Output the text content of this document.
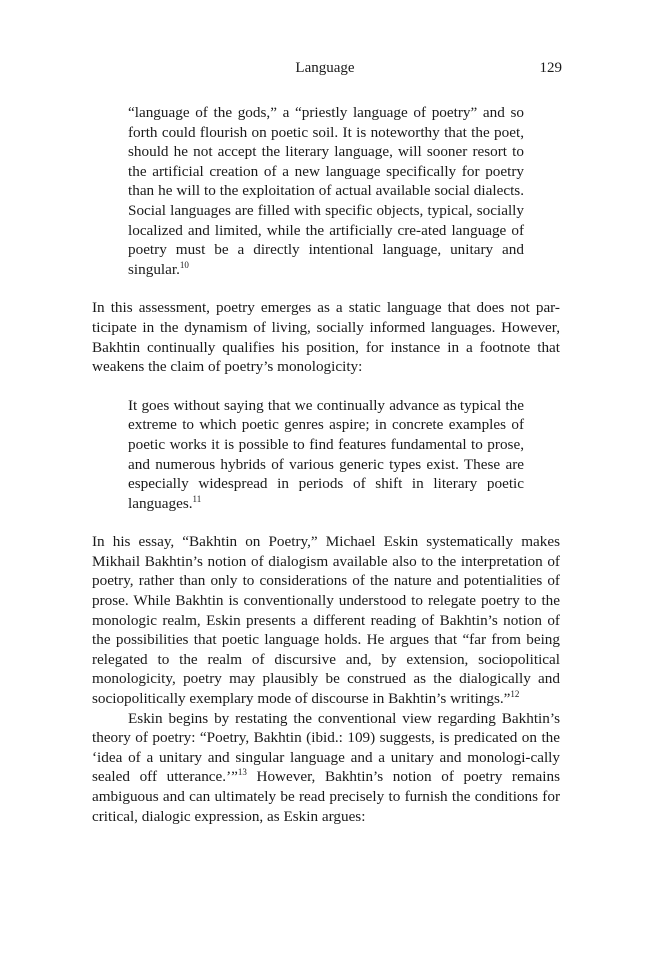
Language	129

“language of the gods,” a “priestly language of poetry” and so forth could flourish on poetic soil. It is noteworthy that the poet, should he not accept the literary language, will sooner resort to the artificial creation of a new language specifically for poetry than he will to the exploitation of actual available social dialects. Social languages are filled with specific objects, typical, socially localized and limited, while the artificially cre-ated language of poetry must be a directly intentional language, unitary and singular.$^{10}$

In this assessment, poetry emerges as a static language that does not par-ticipate in the dynamism of living, socially informed languages. However, Bakhtin continually qualifies his position, for instance in a footnote that weakens the claim of poetry’s monologicity:

It goes without saying that we continually advance as typical the extreme to which poetic genres aspire; in concrete examples of poetic works it is possible to find features fundamental to prose, and numerous hybrids of various generic types exist. These are especially widespread in periods of shift in literary poetic languages.$^{11}$

In his essay, “Bakhtin on Poetry,” Michael Eskin systematically makes Mikhail Bakhtin’s notion of dialogism available also to the interpretation of poetry, rather than only to considerations of the nature and potentialities of prose. While Bakhtin is conventionally understood to relegate poetry to the monologic realm, Eskin presents a different reading of Bakhtin’s notion of the possibilities that poetic language holds. He argues that “far from being relegated to the realm of discursive and, by extension, sociopolitical monologicity, poetry may plausibly be construed as the dialogically and sociopolitically exemplary mode of discourse in Bakhtin’s writings.”$^{12}$

Eskin begins by restating the conventional view regarding Bakhtin’s theory of poetry: “Poetry, Bakhtin (ibid.: 109) suggests, is predicated on the ‘idea of a unitary and singular language and a unitary and monologi-cally sealed off utterance.’”$^{13}$ However, Bakhtin’s notion of poetry remains ambiguous and can ultimately be read precisely to furnish the conditions for critical, dialogic expression, as Eskin argues:
